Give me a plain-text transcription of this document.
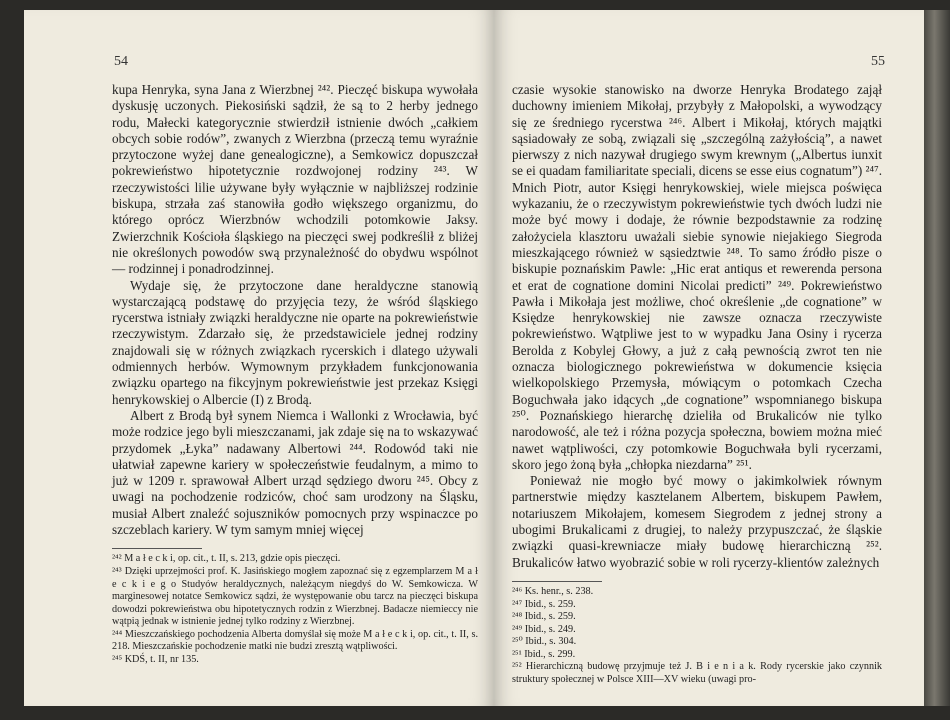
54

kupa Henryka, syna Jana z Wierzbnej ²⁴². Pieczęć biskupa wywołała dyskusję uczonych. Piekosiński sądził, że są to 2 herby jednego rodu, Małecki kategorycznie stwierdził istnienie dwóch „całkiem obcych sobie rodów”, zwanych z Wierzbna (przeczą temu wyraźnie przytoczone wyżej dane genealogiczne), a Semkowicz dopuszczał pokrewieństwo hipotetycznie rozdwojonej rodziny ²⁴³. W rzeczywistości lilie używane były wyłącznie w najbliższej rodzinie biskupa, strzała zaś stanowiła godło większego organizmu, do którego oprócz Wierzbnów wchodzili potomkowie Jaksy. Zwierzchnik Kościoła śląskiego na pieczęci swej podkreślił z bliżej nie określonych powodów swą przynależność do obydwu wspólnot — rodzinnej i ponadrodzinnej.

Wydaje się, że przytoczone dane heraldyczne stanowią wystarczającą podstawę do przyjęcia tezy, że wśród śląskiego rycerstwa istniały związki heraldyczne nie oparte na pokrewieństwie rzeczywistym. Zdarzało się, że przedstawiciele jednej rodziny znajdowali się w różnych związkach rycerskich i dlatego używali odmiennych herbów. Wymownym przykładem funkcjonowania związku opartego na fikcyjnym pokrewieństwie jest przekaz Księgi henrykowskiej o Albercie (I) z Brodą.

Albert z Brodą był synem Niemca i Wallonki z Wrocławia, być może rodzice jego byli mieszczanami, jak zdaje się na to wskazywać przydomek „Łyka” nadawany Albertowi ²⁴⁴. Rodowód taki nie ułatwiał zapewne kariery w społeczeństwie feudalnym, a mimo to już w 1209 r. sprawował Albert urząd sędziego dworu ²⁴⁵. Obcy z uwagi na pochodzenie rodziców, choć sam urodzony na Śląsku, musiał Albert znaleźć sojuszników pomocnych przy wspinaczce po szczeblach kariery. W tym samym mniej więcej

²⁴² M a ł e c k i, op. cit., t. II, s. 213, gdzie opis pieczęci.

²⁴³ Dzięki uprzejmości prof. K. Jasińskiego mogłem zapoznać się z egzemplarzem M a ł e c k i e g o Studyów heraldycznych, należącym niegdyś do W. Semkowicza. W marginesowej notatce Semkowicz sądzi, że występowanie obu tarcz na pieczęci biskupa dowodzi pokrewieństwa obu hipotetycznych rodzin z Wierzbnej. Badacze niemieccy nie wątpią jednak w istnienie jednej tylko rodziny z Wierzbnej.

²⁴⁴ Mieszczańskiego pochodzenia Alberta domyślał się może M a ł e c k i, op. cit., t. II, s. 218. Mieszczańskie pochodzenie matki nie budzi zresztą wątpliwości.

²⁴⁵ KDŚ, t. II, nr 135.

55

czasie wysokie stanowisko na dworze Henryka Brodatego zajął duchowny imieniem Mikołaj, przybyły z Małopolski, a wywodzący się ze średniego rycerstwa ²⁴⁶. Albert i Mikołaj, których majątki sąsiadowały ze sobą, związali się „szczególną zażyłością”, a nawet pierwszy z nich nazywał drugiego swym krewnym („Albertus iunxit se ei quadam familiaritate speciali, dicens se esse eius cognatum”) ²⁴⁷. Mnich Piotr, autor Księgi henrykowskiej, wiele miejsca poświęca wykazaniu, że o rzeczywistym pokrewieństwie tych dwóch ludzi nie może być mowy i dodaje, że równie bezpodstawnie za rodzinę założyciela klasztoru uważali siebie synowie niejakiego Siegroda mieszkającego również w sąsiedztwie ²⁴⁸. To samo źródło pisze o biskupie poznańskim Pawle: „Hic erat antiqus et rewerenda persona et erat de cognatione domini Nicolai predicti” ²⁴⁹. Pokrewieństwo Pawła i Mikołaja jest możliwe, choć określenie „de cognatione” w Księdze henrykowskiej nie zawsze oznacza rzeczywiste pokrewieństwo. Wątpliwe jest to w wypadku Jana Osiny i rycerza Berolda z Kobylej Głowy, a już z całą pewnością zwrot ten nie oznacza biologicznego pokrewieństwa w dokumencie księcia wielkopolskiego Przemysła, mówiącym o potomkach Czecha Boguchwała jako idących „de cognatione” wspomnianego biskupa ²⁵⁰. Poznańskiego hierarchę dzieliła od Brukaliców nie tylko narodowość, ale też i różna pozycja społeczna, bowiem można mieć nawet wątpliwości, czy potomkowie Boguchwała byli rycerzami, skoro jego żoną była „chłopka niezdarna” ²⁵¹.

Ponieważ nie mogło być mowy o jakimkolwiek równym partnerstwie między kasztelanem Albertem, biskupem Pawłem, notariuszem Mikołajem, komesem Siegrodem z jednej strony a ubogimi Brukalicami z drugiej, to należy przypuszczać, że śląskie związki quasi-krewniacze miały budowę hierarchiczną ²⁵². Brukaliców łatwo wyobrazić sobie w roli rycerzy-klientów zależnych

²⁴⁶ Ks. henr., s. 238.

²⁴⁷ Ibid., s. 259.

²⁴⁸ Ibid., s. 259.

²⁴⁹ Ibid., s. 249.

²⁵⁰ Ibid., s. 304.

²⁵¹ Ibid., s. 299.

²⁵² Hierarchiczną budowę przyjmuje też J. B i e n i a k. Rody rycerskie jako czynnik struktury społecznej w Polsce XIII—XV wieku (uwagi pro-
